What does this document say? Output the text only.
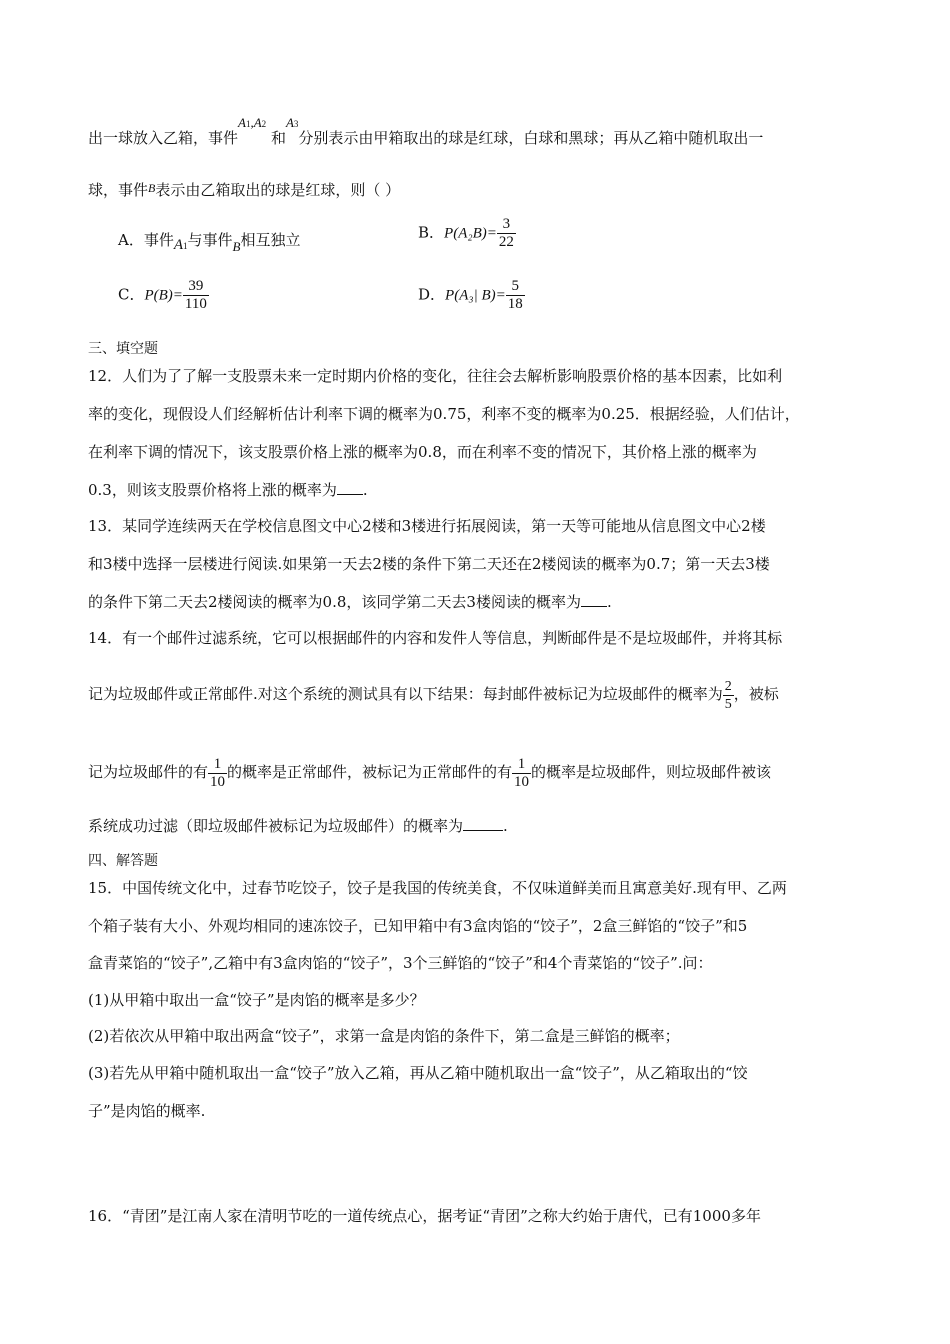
出一球放入乙箱，事件A1,A2 和A3分别表示由甲箱取出的球是红球，白球和黑球；再从乙箱中随机取出一
球，事件$^B$表示由乙箱取出的球是红球，则（ ）
A．事件A1与事件B相互独立	B．$P(A_2B)= \frac{3}{22}$
C．$P(B)= \frac{39}{110}$	D．P(A₃| $B)= \frac{5}{18}$
三、填空题
12．人们为了了解一支股票未来一定时期内价格的变化，往往会去解析影响股票价格的基本因素，比如利
率的变化，现假设人们经解析估计利率下调的概率为0.75，利率不变的概率为0.25．根据经验，人们估计，
在利率下调的情况下，该支股票价格上涨的概率为0.8，而在利率不变的情况下，其价格上涨的概率为
0.3，则该支股票价格将上涨的概率为 .
13．某同学连续两天在学校信息图文中心2楼和3楼进行拓展阅读，第一天等可能地从信息图文中心2楼
和3楼中选择一层楼进行阅读.如果第一天去2楼的条件下第二天还在2楼阅读的概率为0.7；第一天去3楼
的条件下第二天去2楼阅读的概率为0.8，该同学第二天去3楼阅读的概率为 .
14．有一个邮件过滤系统，它可以根据邮件的内容和发件人等信息，判断邮件是不是垃圾邮件，并将其标
记为垃圾邮件或正常邮件.对这个系统的测试具有以下结果：每封邮件被标记为垃圾邮件的概率为 $\frac{2}{5}$ ，被标
记为垃圾邮件的有 $\frac{1}{10}$ 的概率是正常邮件，被标记为正常邮件的有 $\frac{1}{10}$ 的概率是垃圾邮件，则垃圾邮件被该
系统成功过滤（即垃圾邮件被标记为垃圾邮件）的概率为	.
四、解答题
15．中国传统文化中，过春节吃饺子，饺子是我国的传统美食，不仅味道鲜美而且寓意美好.现有甲、乙两
个箱子装有大小、外观均相同的速冻饺子，已知甲箱中有3盒肉馅的“饺子”，2盒三鲜馅的“饺子”和5
盒青菜馅的“饺子”,乙箱中有3盒肉馅的“饺子”，3个三鲜馅的“饺子”和4个青菜馅的“饺子”.问：
(1)从甲箱中取出一盒“饺子”是肉馅的概率是多少？
(2)若依次从甲箱中取出两盒“饺子”，求第一盒是肉馅的条件下，第二盒是三鲜馅的概率；
(3)若先从甲箱中随机取出一盒“饺子”放入乙箱，再从乙箱中随机取出一盒“饺子”，从乙箱取出的“饺
子”是肉馅的概率.
16．“青团”是江南人家在清明节吃的一道传统点心，据考证“青团”之称大约始于唐代，已有1000多年
